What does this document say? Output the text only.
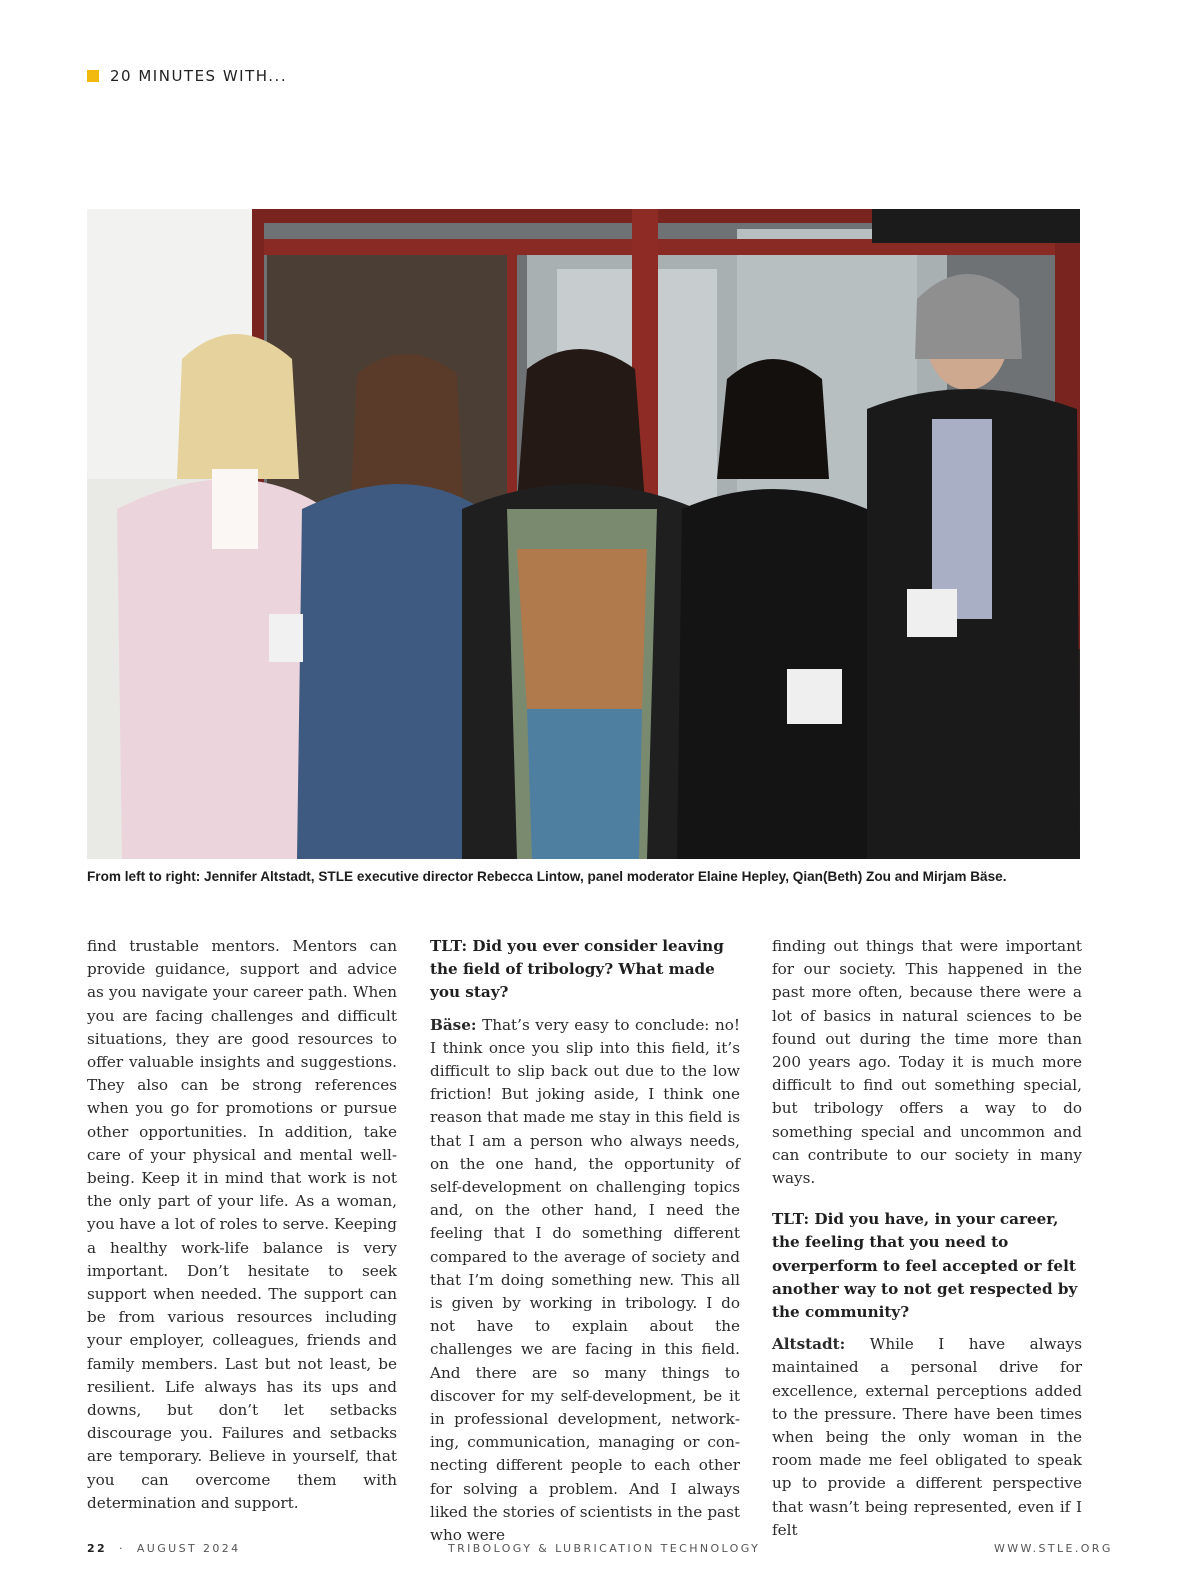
20 MINUTES WITH...
From left to right: Jennifer Altstadt, STLE executive director Rebecca Lintow, panel moderator Elaine Hepley, Qian(Beth) Zou and Mirjam Bäse.

find trustable mentors. Mentors can provide guidance, support and advice as you navigate your career path. When you are facing challenges and difficult situations, they are good resources to offer valuable insights and suggestions. They also can be strong references when you go for promotions or pursue other opportunities. In addition, take care of your physical and mental well-being. Keep it in mind that work is not the only part of your life. As a woman, you have a lot of roles to serve. Keeping a healthy work-life balance is very important. Don’t hesitate to seek support when needed. The support can be from various resources including your employer, colleagues, friends and family members. Last but not least, be resilient. Life always has its ups and downs, but don’t let setbacks discourage you. Failures and setbacks are temporary. Believe in yourself, that you can overcome them with determination and support.

TLT: Did you ever consider leaving the field of tribology? What made you stay?

Bäse: That’s very easy to conclude: no! I think once you slip into this field, it’s difficult to slip back out due to the low friction! But joking aside, I think one reason that made me stay in this field is that I am a person who always needs, on the one hand, the opportunity of self-development on challenging topics and, on the other hand, I need the feeling that I do something different compared to the average of society and that I’m doing something new. This all is given by working in tribology. I do not have to explain about the challenges we are facing in this field. And there are so many things to discover for my self-development, be it in professional development, networking, communication, managing or connecting different people to each other for solving a problem. And I always liked the stories of scientists in the past who were

finding out things that were important for our society. This happened in the past more often, because there were a lot of basics in natural sciences to be found out during the time more than 200 years ago. Today it is much more difficult to find out something special, but tribology offers a way to do something special and uncommon and can contribute to our society in many ways.

TLT: Did you have, in your career, the feeling that you need to overperform to feel accepted or felt another way to not get respected by the community?

Altstadt: While I have always maintained a personal drive for excellence, external perceptions added to the pressure. There have been times when being the only woman in the room made me feel obligated to speak up to provide a different perspective that wasn’t being represented, even if I felt

22 · AUGUST 2024	TRIBOLOGY & LUBRICATION TECHNOLOGY	WWW.STLE.ORG
